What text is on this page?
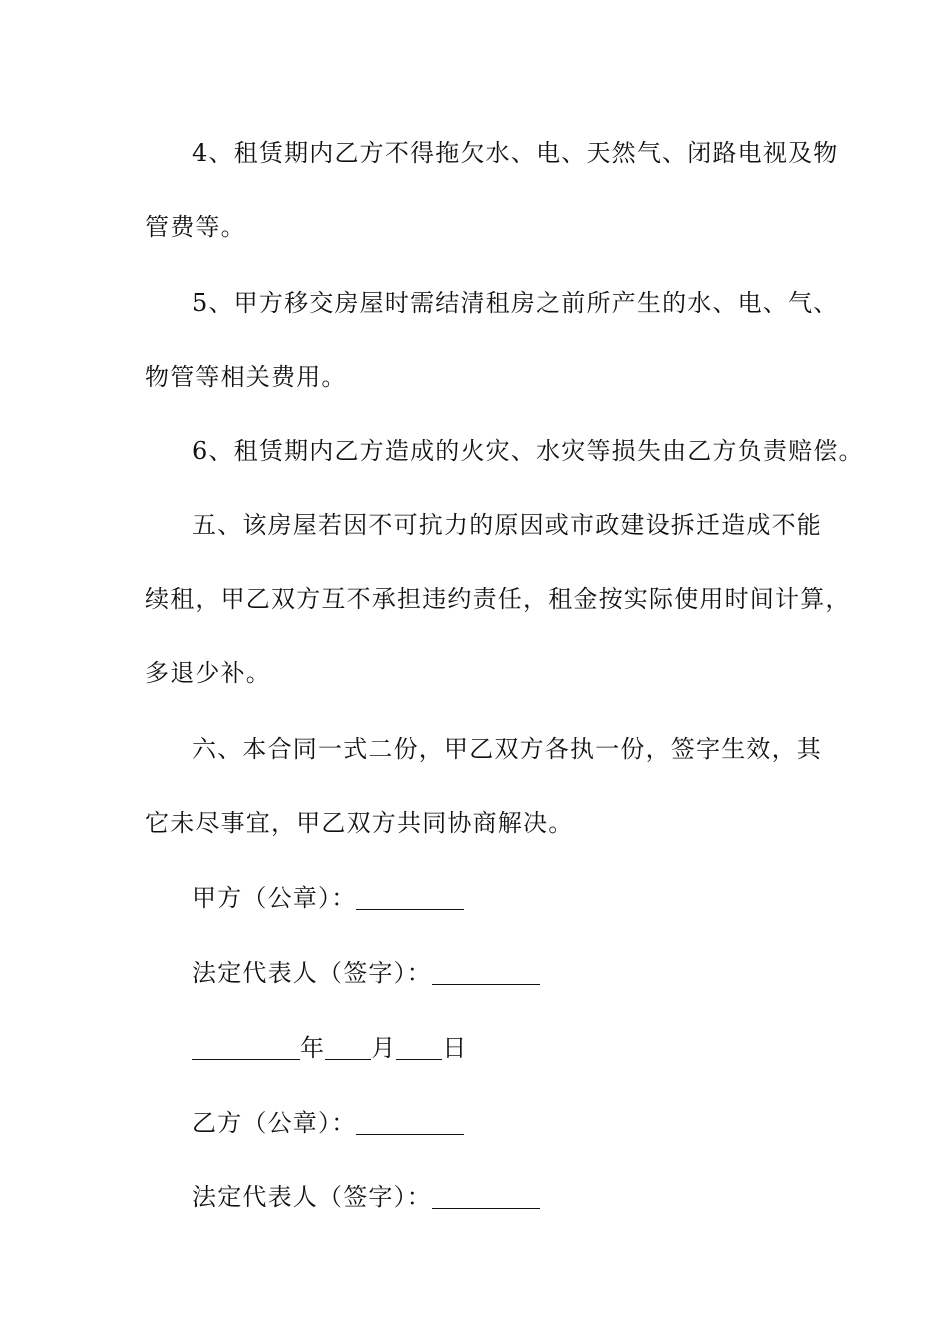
4、租赁期内乙方不得拖欠水、电、天然气、闭路电视及物
管费等。
5、甲方移交房屋时需结清租房之前所产生的水、电、气、
物管等相关费用。
6、租赁期内乙方造成的火灾、水灾等损失由乙方负责赔偿。
五、该房屋若因不可抗力的原因或市政建设拆迁造成不能
续租，甲乙双方互不承担违约责任，租金按实际使用时间计算，
多退少补。
六、本合同一式二份，甲乙双方各执一份，签字生效，其
它未尽事宜，甲乙双方共同协商解决。
甲方（公章）：
法定代表人（签字）：
年 月 日
乙方（公章）：
法定代表人（签字）：
